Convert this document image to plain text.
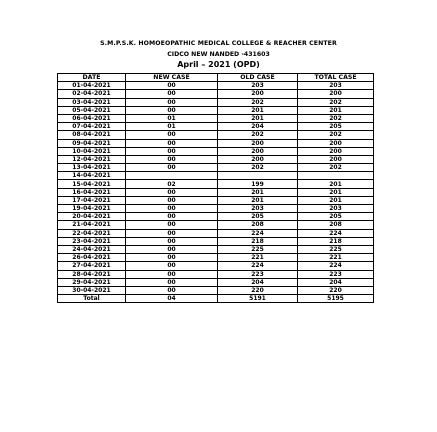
S.M.P.S.K. HOMOEOPATHIC MEDICAL COLLEGE & REACHER CENTER
CIDCO NEW NANDED -431603
April – 2021 (OPD)
DATE	NEW CASE	OLD CASE	TOTAL CASE
01-04-2021	00	203	203
02-04-2021	00	200	200
03-04-2021	00	202	202
05-04-2021	00	201	201
06-04-2021	01	201	202
07-04-2021	01	204	205
08-04-2021	00	202	202
09-04-2021	00	200	200
10-04-2021	00	200	200
12-04-2021	00	200	200
13-04-2021	00	202	202
14-04-2021			
15-04-2021	02	199	201
16-04-2021	00	201	201
17-04-2021	00	201	201
19-04-2021	00	203	203
20-04-2021	00	205	205
21-04-2021	00	208	208
22-04-2021	00	224	224
23-04-2021	00	218	218
24-04-2021	00	225	225
26-04-2021	00	221	221
27-04-2021	00	224	224
28-04-2021	00	223	223
29-04-2021	00	204	204
30-04-2021	00	220	220
Total	04	5191	5195
